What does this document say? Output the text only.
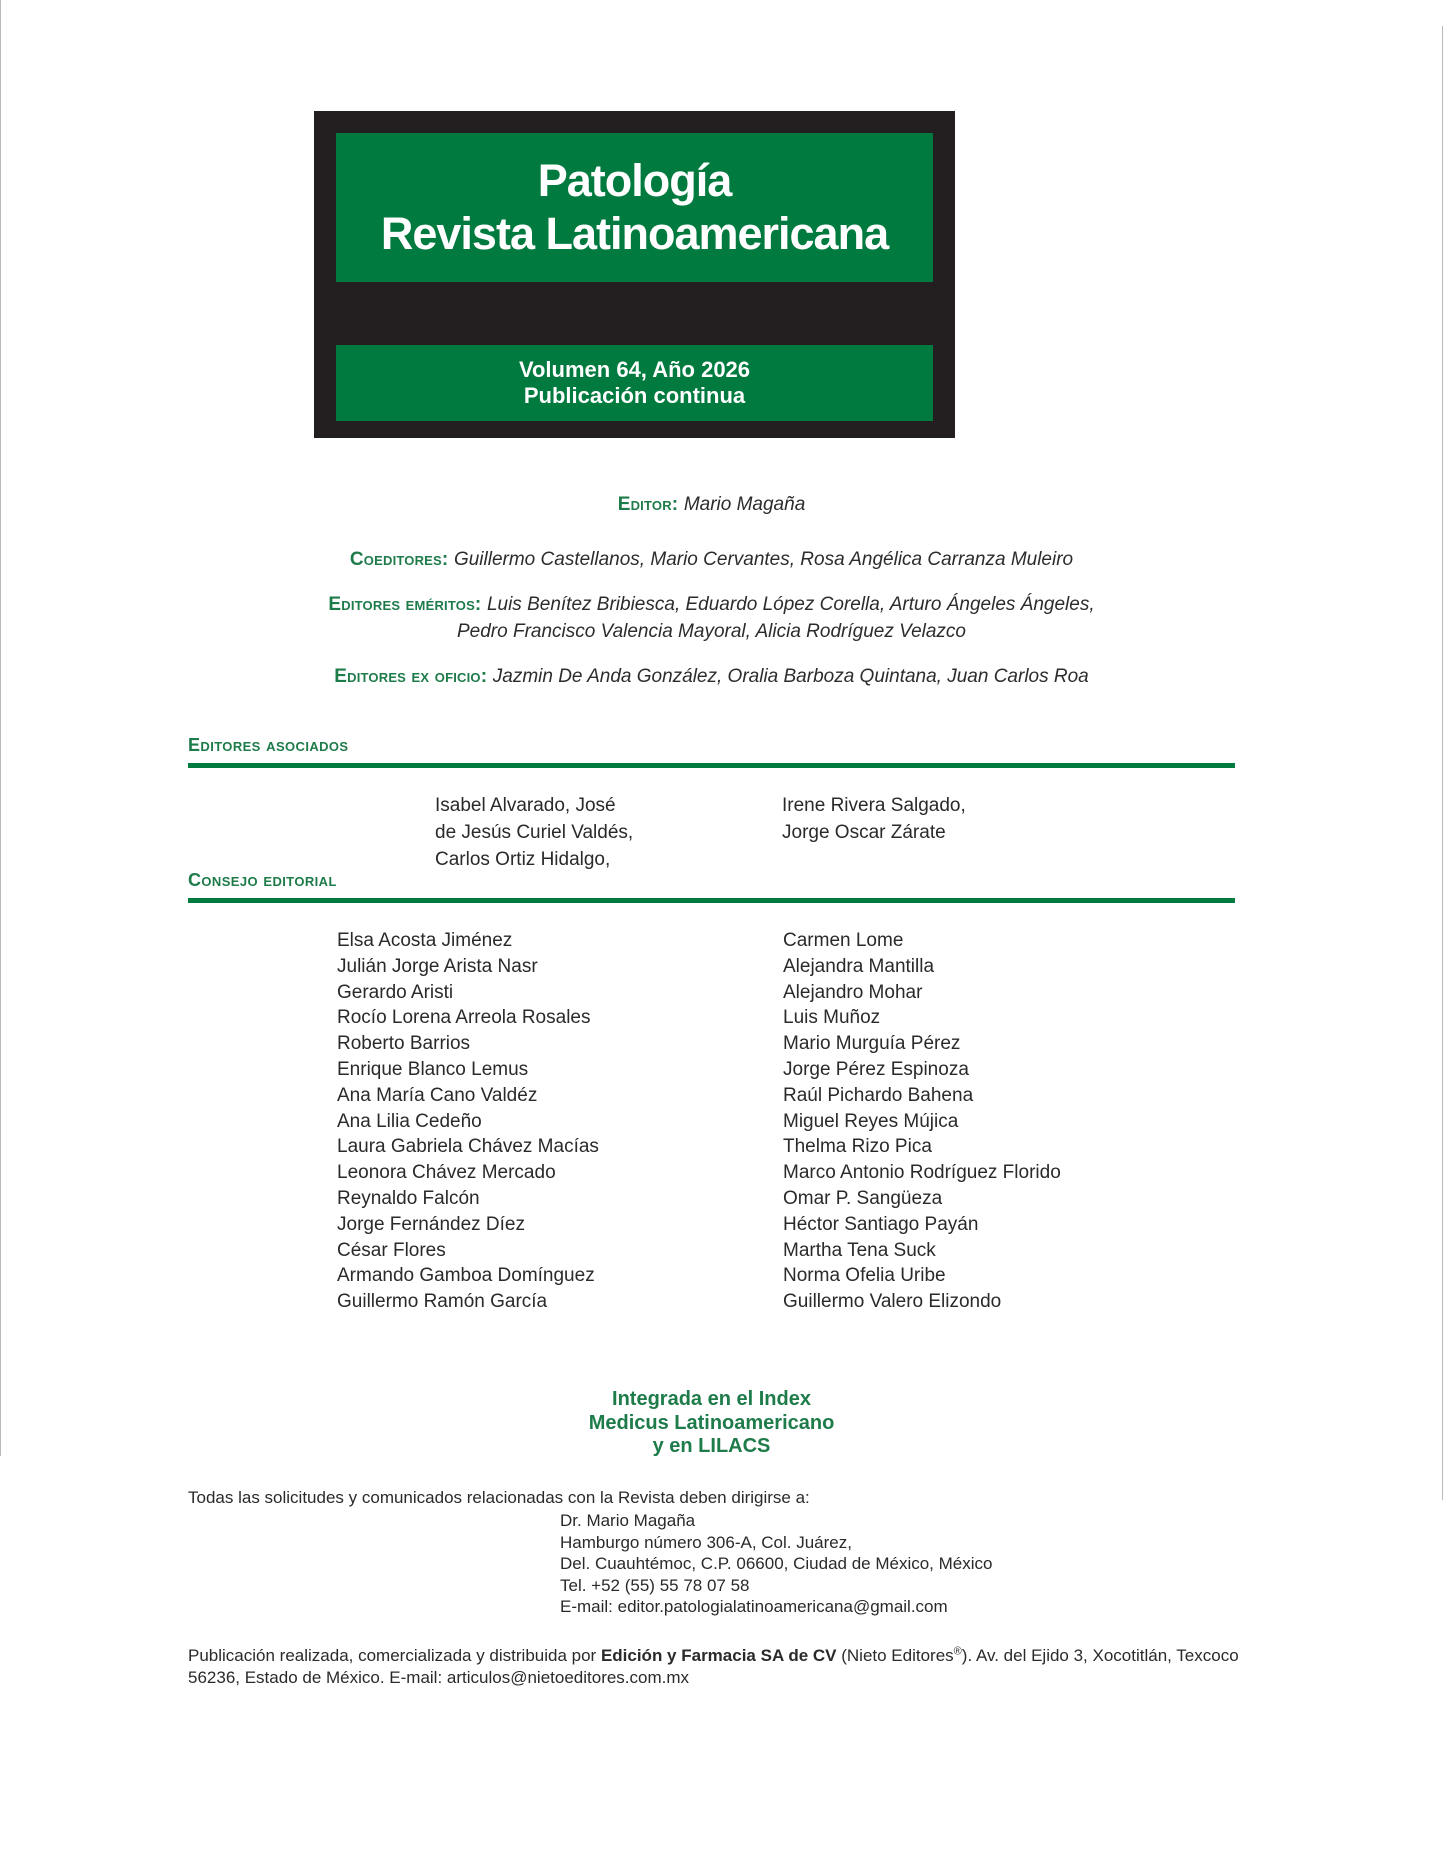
Patología
Revista Latinoamericana
Volumen 64, Año 2026
Publicación continua
Editor: Mario Magaña
Coeditores: Guillermo Castellanos, Mario Cervantes, Rosa Angélica Carranza Muleiro
Editores eméritos: Luis Benítez Bribiesca, Eduardo López Corella, Arturo Ángeles Ángeles,
Pedro Francisco Valencia Mayoral, Alicia Rodríguez Velazco
Editores ex oficio: Jazmin De Anda González, Oralia Barboza Quintana, Juan Carlos Roa
Editores asociados
Isabel Alvarado, José
de Jesús Curiel Valdés,
Carlos Ortiz Hidalgo,
Irene Rivera Salgado,
Jorge Oscar Zárate
Consejo editorial
Elsa Acosta Jiménez
Julián Jorge Arista Nasr
Gerardo Aristi
Rocío Lorena Arreola Rosales
Roberto Barrios
Enrique Blanco Lemus
Ana María Cano Valdéz
Ana Lilia Cedeño
Laura Gabriela Chávez Macías
Leonora Chávez Mercado
Reynaldo Falcón
Jorge Fernández Díez
César Flores
Armando Gamboa Domínguez
Guillermo Ramón García
Carmen Lome
Alejandra Mantilla
Alejandro Mohar
Luis Muñoz
Mario Murguía Pérez
Jorge Pérez Espinoza
Raúl Pichardo Bahena
Miguel Reyes Mújica
Thelma Rizo Pica
Marco Antonio Rodríguez Florido
Omar P. Sangüeza
Héctor Santiago Payán
Martha Tena Suck
Norma Ofelia Uribe
Guillermo Valero Elizondo
Integrada en el Index
Medicus Latinoamericano
y en LILACS
Todas las solicitudes y comunicados relacionadas con la Revista deben dirigirse a:
Dr. Mario Magaña
Hamburgo número 306-A, Col. Juárez,
Del. Cuauhtémoc, C.P. 06600, Ciudad de México, México
Tel. +52 (55) 55 78 07 58
E-mail: editor.patologialatinoamericana@gmail.com
Publicación realizada, comercializada y distribuida por Edición y Farmacia SA de CV (Nieto Editores®). Av. del Ejido 3, Xocotitlán, Texcoco 56236, Estado de México. E-mail: articulos@nietoeditores.com.mx
